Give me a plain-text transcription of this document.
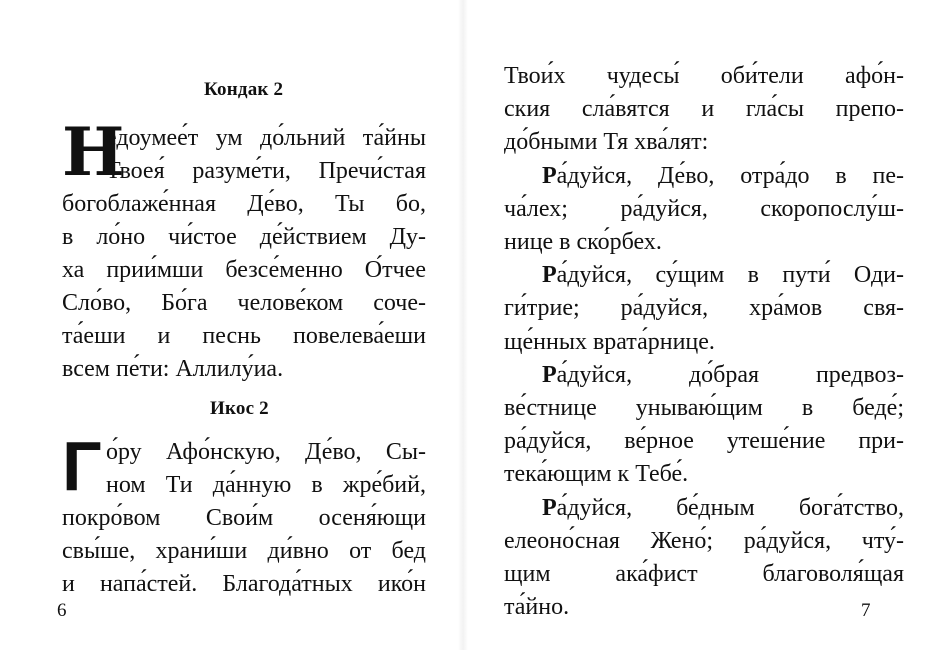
Кондак 2
Н
едоумее́т ум до́льний та́йны
Твоея́ разуме́ти, Пречи́стая
богоблаже́нная Де́во, Ты бо,
в ло́но чи́стое де́йствием Ду-
ха прии́мши безсе́менно О́тчее
Сло́во, Бо́га челове́ком соче-
та́еши и песнь повелева́еши
всем пе́ти: Аллилу́иа.
Икос 2
Г о́ру Афо́нскую, Де́во, Сы-
ном Ти да́нную в жре́бий,
покро́вом Свои́м осеня́ющи
свы́ше, храни́ши ди́вно от бед
и напа́стей. Благода́тных ико́н
6
Твои́х чудесы́ оби́тели афо́н-
ския сла́вятся и гла́сы препо-
до́бными Тя хва́лят:
Ра́дуйся, Де́во, отра́до в пе-
ча́лех; ра́дуйся, скоропослу́ш-
нице в ско́рбех.
Ра́дуйся, су́щим в пути́ Оди-
ги́трие; ра́дуйся, хра́мов свя-
ще́нных врата́рнице.
Ра́дуйся, до́брая предвоз-
ве́стнице унываю́щим в беде́;
ра́дуйся, ве́рное утеше́ние при-
тека́ющим к Тебе́.
Ра́дуйся, бе́дным бога́тство,
елеоно́сная Жено́; ра́дуйся, чту́-
щим ака́фист благоволя́щая
та́йно.	7
